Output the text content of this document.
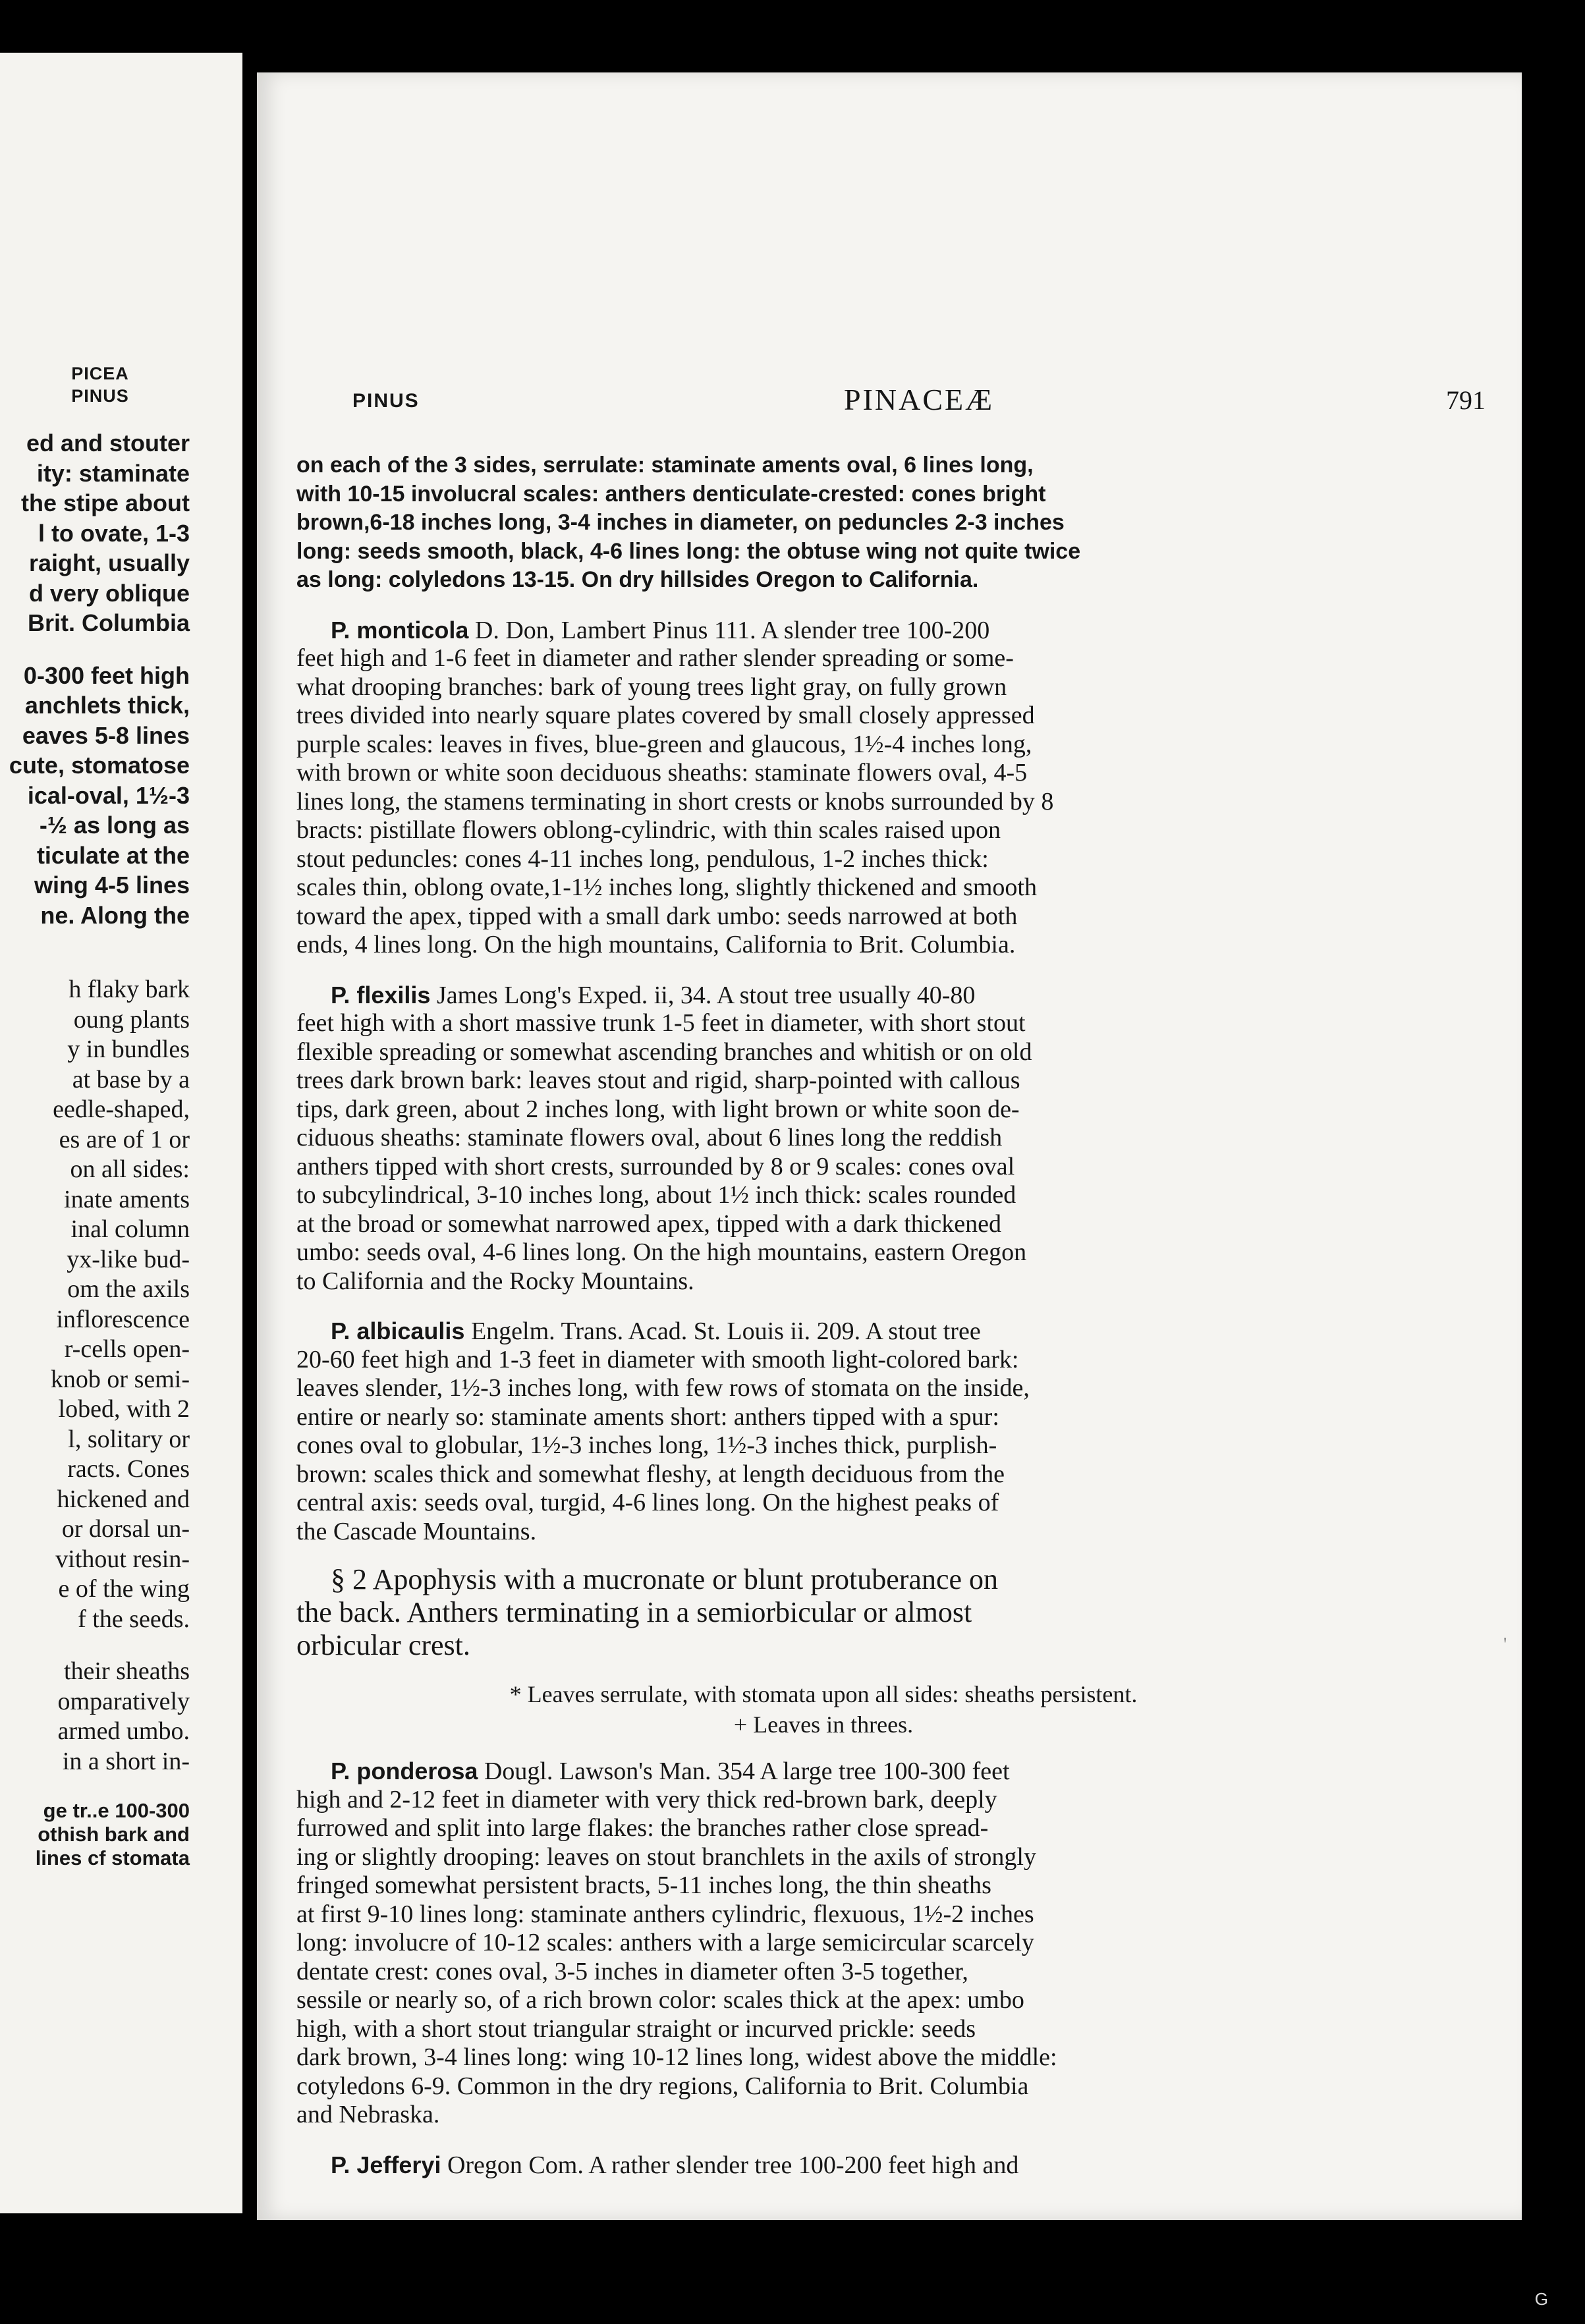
PICEA
PINUS
ed and stouter
ity: staminate
the stipe about
l to ovate, 1-3
raight, usually
d very oblique
Brit. Columbia
0-300 feet high
anchlets thick,
eaves 5-8 lines
cute, stomatose
ical-oval, 1½-3
-½ as long as
ticulate at the
wing 4-5 lines
ne. Along the
h flaky bark
oung plants
y in bundles
at base by a
eedle-shaped,
es are of 1 or
on all sides:
inate aments
inal column
yx-like bud-
om the axils
inflorescence
r-cells open-
knob or semi-
lobed, with 2
l, solitary or
racts. Cones
hickened and
or dorsal un-
vithout resin-
e of the wing
f the seeds.
their sheaths
omparatively
armed umbo.
in a short in-
ge tr..e 100-300
othish bark and
lines cf stomata
PINUS	PINACEÆ	791
on each of the 3 sides, serrulate: staminate aments oval, 6 lines long,
with 10-15 involucral scales: anthers denticulate-crested: cones bright
brown,6-18 inches long, 3-4 inches in diameter, on peduncles 2-3 inches
long: seeds smooth, black, 4-6 lines long: the obtuse wing not quite twice
as long: colyledons 13-15. On dry hillsides Oregon to California.
P. monticola D. Don, Lambert Pinus 111. A slender tree 100-200
feet high and 1-6 feet in diameter and rather slender spreading or some-
what drooping branches: bark of young trees light gray, on fully grown
trees divided into nearly square plates covered by small closely appressed
purple scales: leaves in fives, blue-green and glaucous, 1½-4 inches long,
with brown or white soon deciduous sheaths: staminate flowers oval, 4-5
lines long, the stamens terminating in short crests or knobs surrounded by 8
bracts: pistillate flowers oblong-cylindric, with thin scales raised upon
stout peduncles: cones 4-11 inches long, pendulous, 1-2 inches thick:
scales thin, oblong ovate,1-1½ inches long, slightly thickened and smooth
toward the apex, tipped with a small dark umbo: seeds narrowed at both
ends, 4 lines long. On the high mountains, California to Brit. Columbia.
P. flexilis James Long's Exped. ii, 34. A stout tree usually 40-80
feet high with a short massive trunk 1-5 feet in diameter, with short stout
flexible spreading or somewhat ascending branches and whitish or on old
trees dark brown bark: leaves stout and rigid, sharp-pointed with callous
tips, dark green, about 2 inches long, with light brown or white soon de-
ciduous sheaths: staminate flowers oval, about 6 lines long the reddish
anthers tipped with short crests, surrounded by 8 or 9 scales: cones oval
to subcylindrical, 3-10 inches long, about 1½ inch thick: scales rounded
at the broad or somewhat narrowed apex, tipped with a dark thickened
umbo: seeds oval, 4-6 lines long. On the high mountains, eastern Oregon
to California and the Rocky Mountains.
P. albicaulis Engelm. Trans. Acad. St. Louis ii. 209. A stout tree
20-60 feet high and 1-3 feet in diameter with smooth light-colored bark:
leaves slender, 1½-3 inches long, with few rows of stomata on the inside,
entire or nearly so: staminate aments short: anthers tipped with a spur:
cones oval to globular, 1½-3 inches long, 1½-3 inches thick, purplish-
brown: scales thick and somewhat fleshy, at length deciduous from the
central axis: seeds oval, turgid, 4-6 lines long. On the highest peaks of
the Cascade Mountains.
§ 2 Apophysis with a mucronate or blunt protuberance on
the back. Anthers terminating in a semiorbicular or almost
orbicular crest.
* Leaves serrulate, with stomata upon all sides: sheaths persistent.
+ Leaves in threes.
P. ponderosa Dougl. Lawson's Man. 354 A large tree 100-300 feet
high and 2-12 feet in diameter with very thick red-brown bark, deeply
furrowed and split into large flakes: the branches rather close spread-
ing or slightly drooping: leaves on stout branchlets in the axils of strongly
fringed somewhat persistent bracts, 5-11 inches long, the thin sheaths
at first 9-10 lines long: staminate anthers cylindric, flexuous, 1½-2 inches
long: involucre of 10-12 scales: anthers with a large semicircular scarcely
dentate crest: cones oval, 3-5 inches in diameter often 3-5 together,
sessile or nearly so, of a rich brown color: scales thick at the apex: umbo
high, with a short stout triangular straight or incurved prickle: seeds
dark brown, 3-4 lines long: wing 10-12 lines long, widest above the middle:
cotyledons 6-9. Common in the dry regions, California to Brit. Columbia
and Nebraska.
P. Jefferyi Oregon Com. A rather slender tree 100-200 feet high and
'
G
